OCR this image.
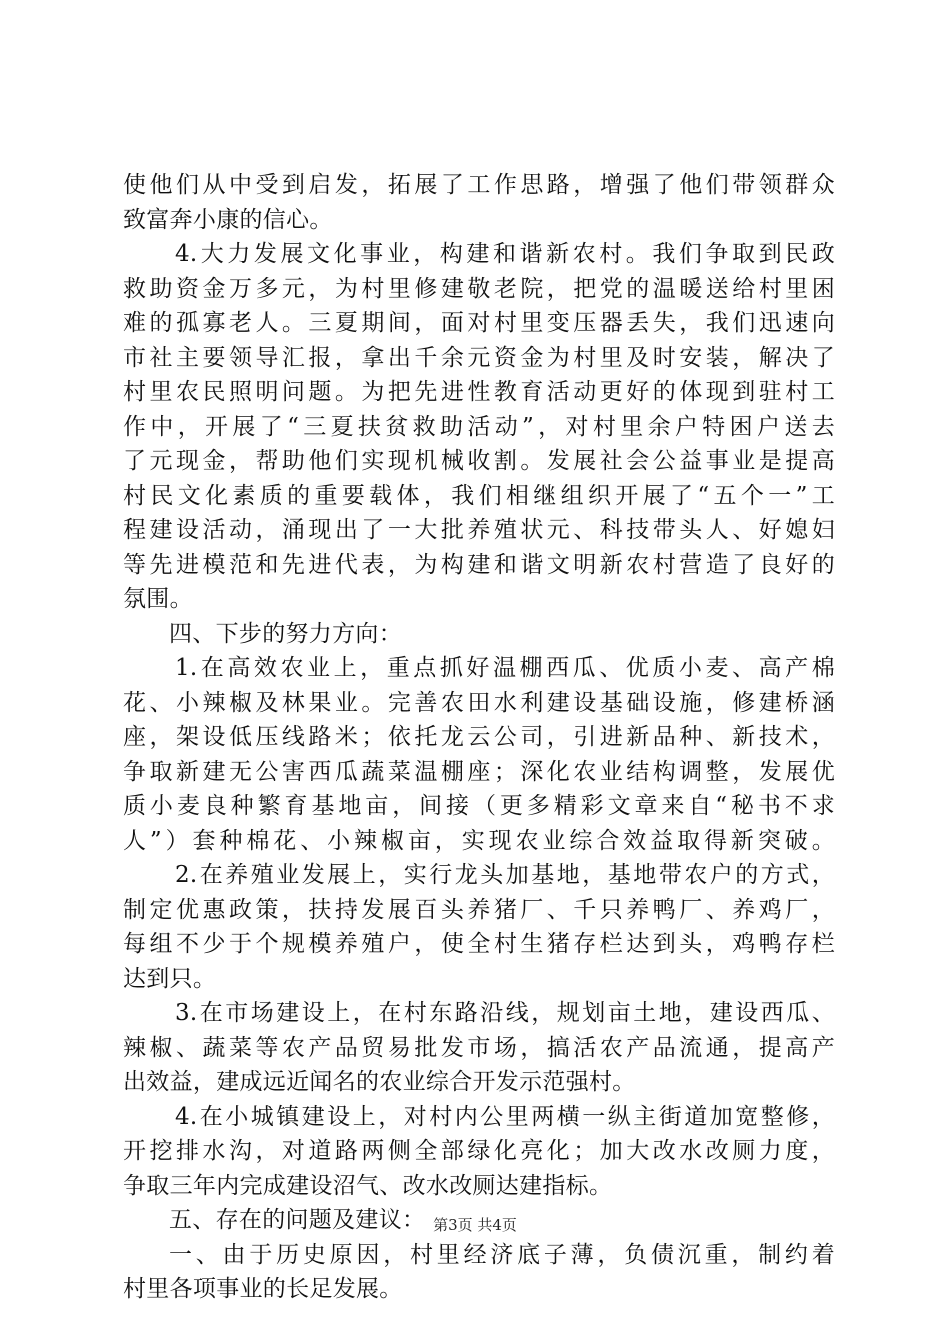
使他们从中受到启发，拓展了工作思路，增强了他们带领群众
致富奔小康的信心。
4.大力发展文化事业，构建和谐新农村。我们争取到民政
救助资金万多元，为村里修建敬老院，把党的温暖送给村里困
难的孤寡老人。三夏期间，面对村里变压器丢失，我们迅速向
市社主要领导汇报，拿出千余元资金为村里及时安装，解决了
村里农民照明问题。为把先进性教育活动更好的体现到驻村工
作中，开展了“三夏扶贫救助活动”，对村里余户特困户送去
了元现金，帮助他们实现机械收割。发展社会公益事业是提高
村民文化素质的重要载体，我们相继组织开展了“五个一”工
程建设活动，涌现出了一大批养殖状元、科技带头人、好媳妇
等先进模范和先进代表，为构建和谐文明新农村营造了良好的
氛围。
四、下步的努力方向：
1.在高效农业上，重点抓好温棚西瓜、优质小麦、高产棉
花、小辣椒及林果业。完善农田水利建设基础设施，修建桥涵
座，架设低压线路米；依托龙云公司，引进新品种、新技术，
争取新建无公害西瓜蔬菜温棚座；深化农业结构调整，发展优
质小麦良种繁育基地亩，间接（更多精彩文章来自“秘书不求
人”）套种棉花、小辣椒亩，实现农业综合效益取得新突破。
2.在养殖业发展上，实行龙头加基地，基地带农户的方式，
制定优惠政策，扶持发展百头养猪厂、千只养鸭厂、养鸡厂，
每组不少于个规模养殖户，使全村生猪存栏达到头，鸡鸭存栏
达到只。
3.在市场建设上，在村东路沿线，规划亩土地，建设西瓜、
辣椒、蔬菜等农产品贸易批发市场，搞活农产品流通，提高产
出效益，建成远近闻名的农业综合开发示范强村。
4.在小城镇建设上，对村内公里两横一纵主街道加宽整修，
开挖排水沟，对道路两侧全部绿化亮化；加大改水改厕力度，
争取三年内完成建设沼气、改水改厕达建指标。
五、存在的问题及建议：
一、由于历史原因，村里经济底子薄，负债沉重，制约着
村里各项事业的长足发展。
第3页 共4页
